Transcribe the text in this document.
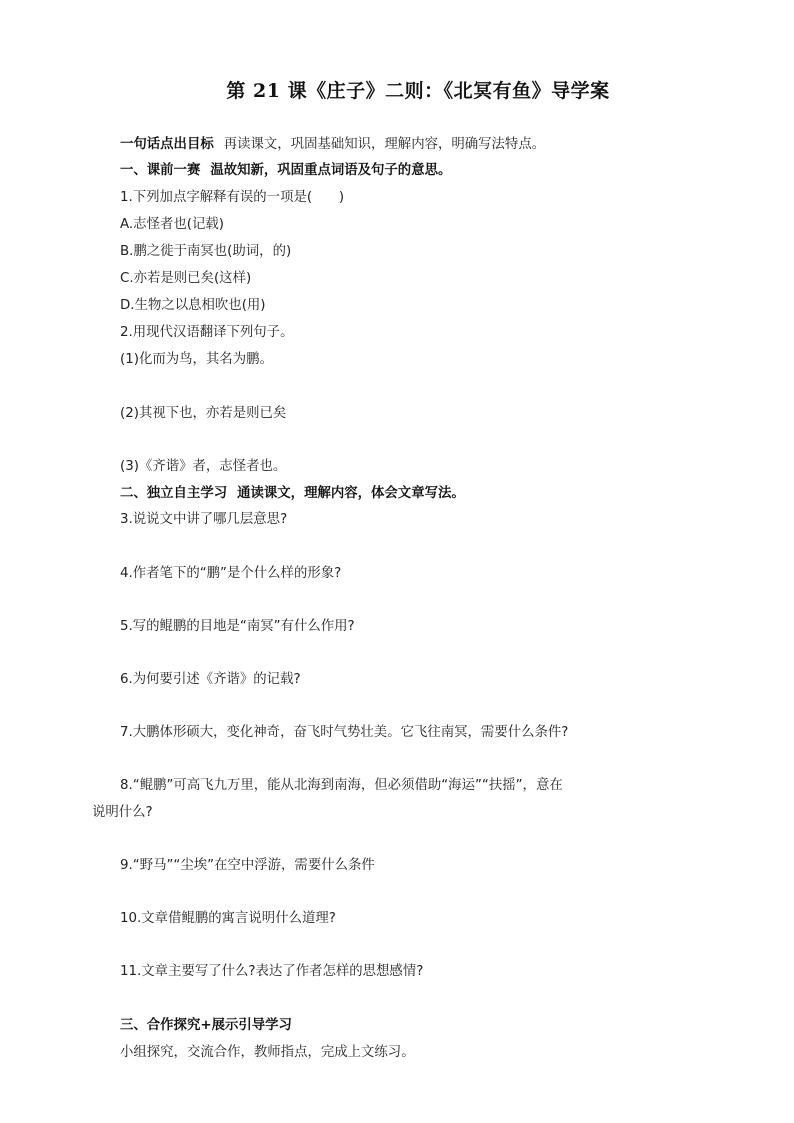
第 21 课《庄子》二则：《北冥有鱼》导学案
一句话点出目标 再读课文，巩固基础知识，理解内容，明确写法特点。
一、课前一赛 温故知新，巩固重点词语及句子的意思。
1.下列加点字解释有误的一项是(　　)
A.志怪者也(记载)
B.鹏之徙于南冥也(助词，的)
C.亦若是则已矣(这样)
D.生物之以息相吹也(用)
2.用现代汉语翻译下列句子。
(1)化而为鸟，其名为鹏。
(2)其视下也，亦若是则已矣
(3)《齐谐》者，志怪者也。
二、独立自主学习 通读课文，理解内容，体会文章写法。
3.说说文中讲了哪几层意思?
4.作者笔下的“鹏”是个什么样的形象?
5.写的鲲鹏的目地是“南冥”有什么作用?
6.为何要引述《齐谐》的记载?
7.大鹏体形硕大，变化神奇，奋飞时气势壮美。它飞往南冥，需要什么条件?
8.“鲲鹏”可高飞九万里，能从北海到南海，但必须借助“海运”“扶摇”，意在
说明什么?
9.“野马”“尘埃”在空中浮游，需要什么条件
10.文章借鲲鹏的寓言说明什么道理?
11.文章主要写了什么?表达了作者怎样的思想感情?
三、合作探究+展示引导学习
小组探究，交流合作，教师指点，完成上文练习。
